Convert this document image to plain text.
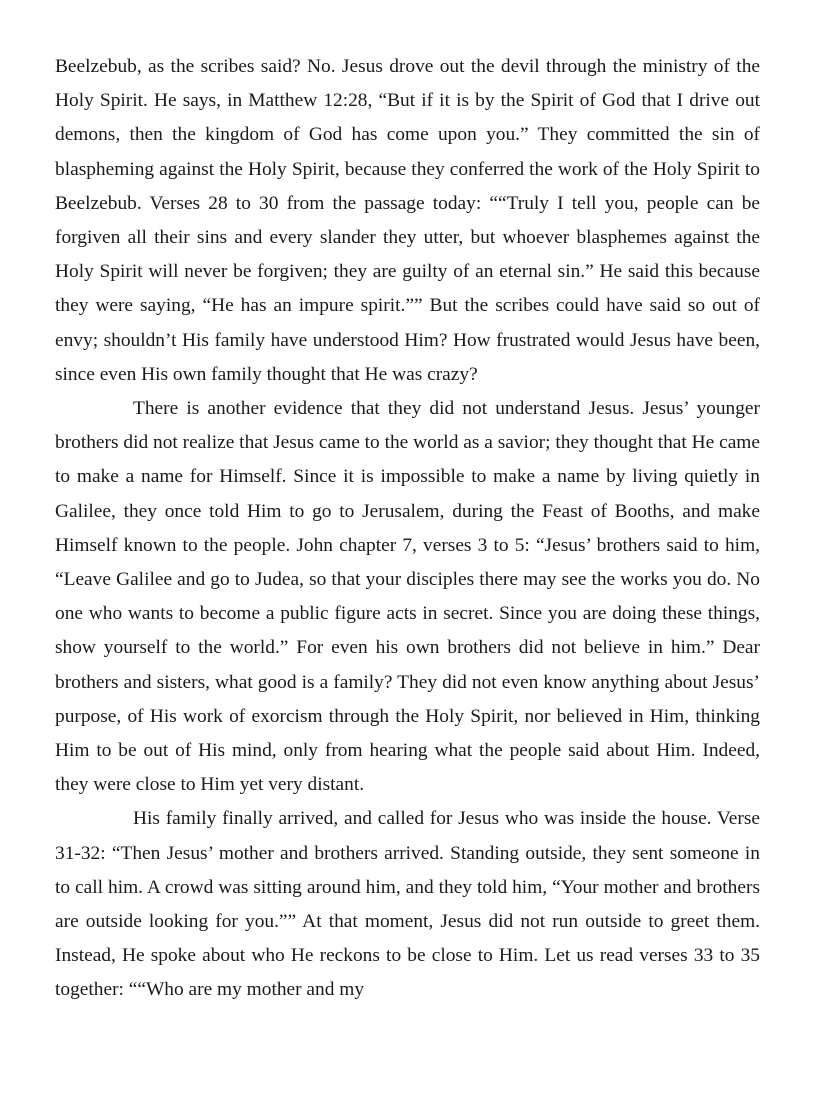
Beelzebub, as the scribes said? No. Jesus drove out the devil through the ministry of the Holy Spirit. He says, in Matthew 12:28, “But if it is by the Spirit of God that I drive out demons, then the kingdom of God has come upon you.” They committed the sin of blaspheming against the Holy Spirit, because they conferred the work of the Holy Spirit to Beelzebub. Verses 28 to 30 from the passage today: ““Truly I tell you, people can be forgiven all their sins and every slander they utter, but whoever blasphemes against the Holy Spirit will never be forgiven; they are guilty of an eternal sin.” He said this because they were saying, “He has an impure spirit.”” But the scribes could have said so out of envy; shouldn’t His family have understood Him? How frustrated would Jesus have been, since even His own family thought that He was crazy?

There is another evidence that they did not understand Jesus. Jesus’ younger brothers did not realize that Jesus came to the world as a savior; they thought that He came to make a name for Himself. Since it is impossible to make a name by living quietly in Galilee, they once told Him to go to Jerusalem, during the Feast of Booths, and make Himself known to the people. John chapter 7, verses 3 to 5: “Jesus’ brothers said to him, “Leave Galilee and go to Judea, so that your disciples there may see the works you do. No one who wants to become a public figure acts in secret. Since you are doing these things, show yourself to the world.” For even his own brothers did not believe in him.” Dear brothers and sisters, what good is a family? They did not even know anything about Jesus’ purpose, of His work of exorcism through the Holy Spirit, nor believed in Him, thinking Him to be out of His mind, only from hearing what the people said about Him. Indeed, they were close to Him yet very distant.

His family finally arrived, and called for Jesus who was inside the house. Verse 31-32: “Then Jesus’ mother and brothers arrived. Standing outside, they sent someone in to call him. A crowd was sitting around him, and they told him, “Your mother and brothers are outside looking for you.”” At that moment, Jesus did not run outside to greet them. Instead, He spoke about who He reckons to be close to Him. Let us read verses 33 to 35 together: ““Who are my mother and my
